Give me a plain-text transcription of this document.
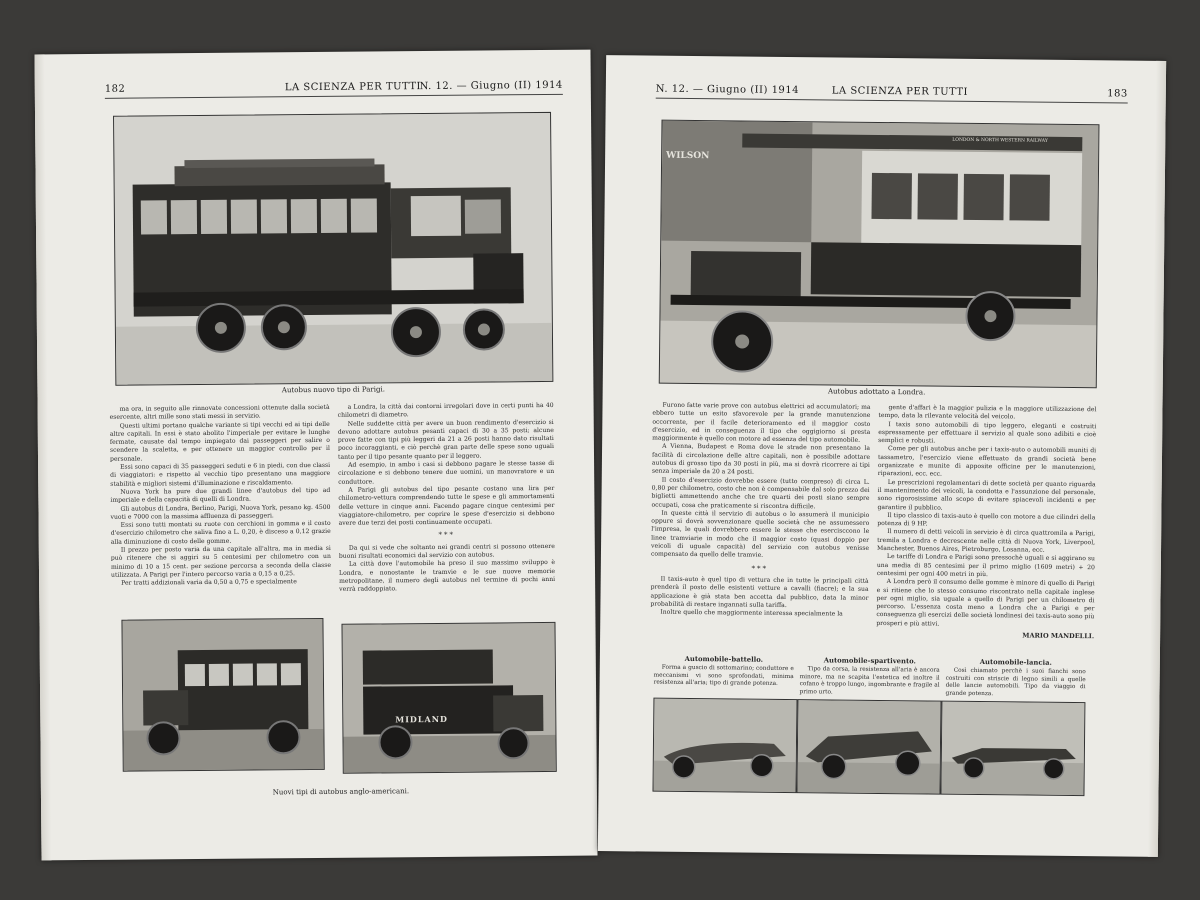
182	LA SCIENZA PER TUTTI
N. 12. — Giugno (II) 1914
Autobus nuovo tipo di Parigi.

ma ora, in seguito alle rinnovate concessioni ottenute dalla società esercente, altri mille sono stati messi in servizio.

Questi ultimi portano qualche variante si tipi vecchi ed ai tipi delle altre capitali. In essi è stato abolito l'imperiale per evitare le lunghe fermate, causate dal tempo impiegato dai passeggeri per salire o scendere la scaletta, e per ottenere un maggior controllo per il personale.

Essi sono capaci di 35 passeggeri seduti e 6 in piedi, con due classi di viaggiatori: e rispetto al vecchio tipo presentano una maggiore stabilità e migliori sistemi d'illuminazione e riscaldamento.

Nuova York ha pure due grandi linee d'autobus del tipo ad imperiale e della capacità di quelli di Londra.

Gli autobus di Londra, Berlino, Parigi, Nuova York, pesano kg. 4500 vuoti e 7000 con la massima affluenza di passeggeri.

Essi sono tutti montati su ruote con cerchioni in gomma e il costo d'esercizio chilometro che saliva fino a L. 0,20, è disceso a 0,12 grazie alla diminuzione di costo delle gomme.

Il prezzo per posto varia da una capitale all'altra, ma in media si può ritenere che si aggiri su 5 centesimi per chilometro con un minimo di 10 a 15 cent. per sezione percorsa a seconda della classe utilizzata. A Parigi per l'intero percorso varia a 0,15 a 0,25.

Per tratti addizionali varia da 0,50 a 0,75 e specialmente

a Londra, la città dai contorni irregolari dove in certi punti ha 40 chilometri di diametro.

Nelle suddette città per avere un buon rendimento d'esercizio si devono adottare autobus pesanti capaci di 30 a 35 posti; alcune prove fatte con tipi più leggeri da 21 a 26 posti hanno dato risultati poco incoraggianti, e ciò perchè gran parte delle spese sono uguali tanto per il tipo pesante quanto per il leggero.

Ad esempio, in ambo i casi si debbono pagare le stesse tasse di circolazione e si debbono tenere due uomini, un manovratore e un conduttore.

A Parigi gli autobus del tipo pesante costano una lira per chilometro-vettura comprendendo tutte le spese e gli ammortamenti delle vetture in cinque anni. Facendo pagare cinque centesimi per viaggiatore-chilometro, per coprire le spese d'esercizio si debbono avere due terzi dei posti continuamente occupati.

***

Da qui si vede che soltanto nei grandi centri si possono ottenere buoni risultati economici dal servizio con autobus.

La città dove l'automobile ha preso il suo massimo sviluppo è Londra, e nonostante le tramvie e le sue nuove memorie metropolitane, il numero degli autobus nel termine di pochi anni verrà raddoppiato.

MIDLAND
Nuovi tipi di autobus anglo-americani.
N. 12. — Giugno (II) 1914	LA SCIENZA PER TUTTI	183
WILSON
LONDON & NORTH WESTERN RAILWAY
Autobus adottato a Londra.

Furono fatte varie prove con autobus elettrici ad accumulatori; ma ebbero tutte un esito sfavorevole per la grande manutenzione occorrente, per il facile deterioramento ed il maggior costo d'esercizio, ed in conseguenza il tipo che oggigiorno si presta maggiormente è quello con motore ad essenza del tipo automobile.

A Vienna, Budapest e Roma dove le strade non presentano la facilità di circolazione delle altre capitali, non è possibile adottare autobus di grosso tipo da 30 posti in più, ma si dovrà ricorrere ai tipi senza imperiale da 20 a 24 posti.

Il costo d'esercizio dovrebbe essere (tutto compreso) di circa L. 0,80 per chilometro, costo che non è compensabile dal solo prezzo dei biglietti ammettendo anche che tre quarti dei posti siano sempre occupati, cosa che praticamente si riscontra difficile.

In queste città il servizio di autobus o lo assumerà il municipio oppure si dovrà sovvenzionare quelle società che ne assumessero l'impresa, le quali dovrebbero essere le stesse che esercisccono le linee tramviarie in modo che il maggior costo (quasi doppio per veicoli di uguale capacità) del servizio con autobus venisse compensato da quello delle tramvie.

***

Il taxis-auto è quel tipo di vettura che in tutte le principali città prenderà il posto delle esistenti vetture a cavalli (fiacre); e la sua applicazione è già stata ben accetta dal pubblico, data la minor probabilità di restare ingannati sulla tariffa.

Inoltre quello che maggiormente interessa specialmente la

gente d'affari è la maggior pulizia e la maggiore utilizzazione del tempo, data la rilevante velocità del veicolo.

I taxis sono automobili di tipo leggero, eleganti e costruiti espressamente per effettuare il servizio al quale sono adibiti e cioè semplici e robusti.

Come per gli autobus anche per i taxis-auto o automobili muniti di tassametro, l'esercizio viene effettuato da grandi società bene organizzate e munite di apposite officine per le manutenzioni, riparazioni, ecc. ecc.

Le prescrizioni regolamentari di dette società per quanto riguarda il mantenimento dei veicoli, la condotta e l'assunzione del personale, sono rigorosissime allo scopo di evitare spiacevoli incidenti e per garantire il pubblico.

Il tipo classico di taxis-auto è quello con motore a due cilindri della potenza di 9 HP.

Il numero di detti veicoli in servizio è di circa quattromila a Parigi, tremila a Londra e decrescente nelle città di Nuova York, Liverpool, Manchester, Buenos Aires, Pietroburgo, Losanna, ecc.

Le tariffe di Londra e Parigi sono pressochè uguali e si aggirano su una media di 85 centesimi per il primo miglio (1609 metri) + 20 centesimi per ogni 400 metri in più.

A Londra però il consumo delle gomme è minore di quello di Parigi e si ritiene che lo stesso consumo riscontrato nella capitale inglese per ogni miglio, sia uguale a quello di Parigi per un chilometro di percorso. L'essenza costa meno a Londra che a Parigi e per conseguenza gli esercizi delle società londinesi dei taxis-auto sono più prosperi e più attivi.

MARIO MANDELLI.
Automobile-battello.

Forma a guscio di sottomarino; conduttore e meccanismi vi sono sprofondati, minima resistenza all'aria; tipo di grande potenza.

Automobile-spartivento.

Tipo da corsa, la resistenza all'aria è ancora minore, ma ne scapita l'estetica ed inoltre il cofano è troppo lungo, ingombrante e fragile al primo urto.

Automobile-lancia.

Così chiamato perchè i suoi fianchi sono costruiti con striscie di legno simili a quelle delle lancie automobili. Tipo da viaggio di grande potenza.
